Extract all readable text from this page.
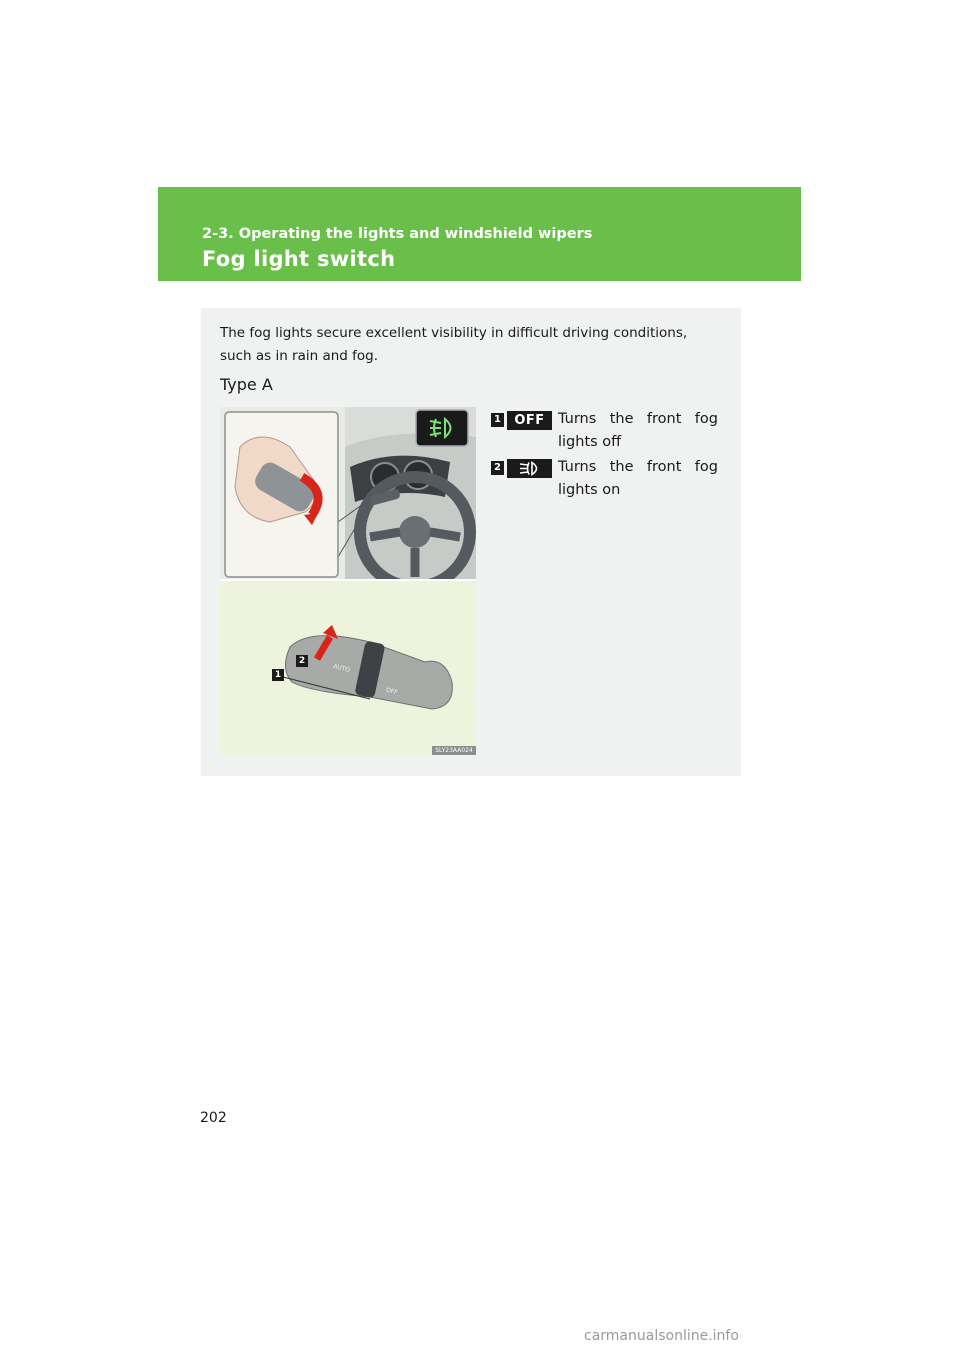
2-3. Operating the lights and windshield wipers
Fog light switch
The fog lights secure excellent visibility in difficult driving conditions, such as in rain and fog.
Type A
1
2
AUTO
OFF
SLY23AA024
1	OFF Turns the front fog lights off
2	Turns the front fog lights on
202
carmanualsonline.info
